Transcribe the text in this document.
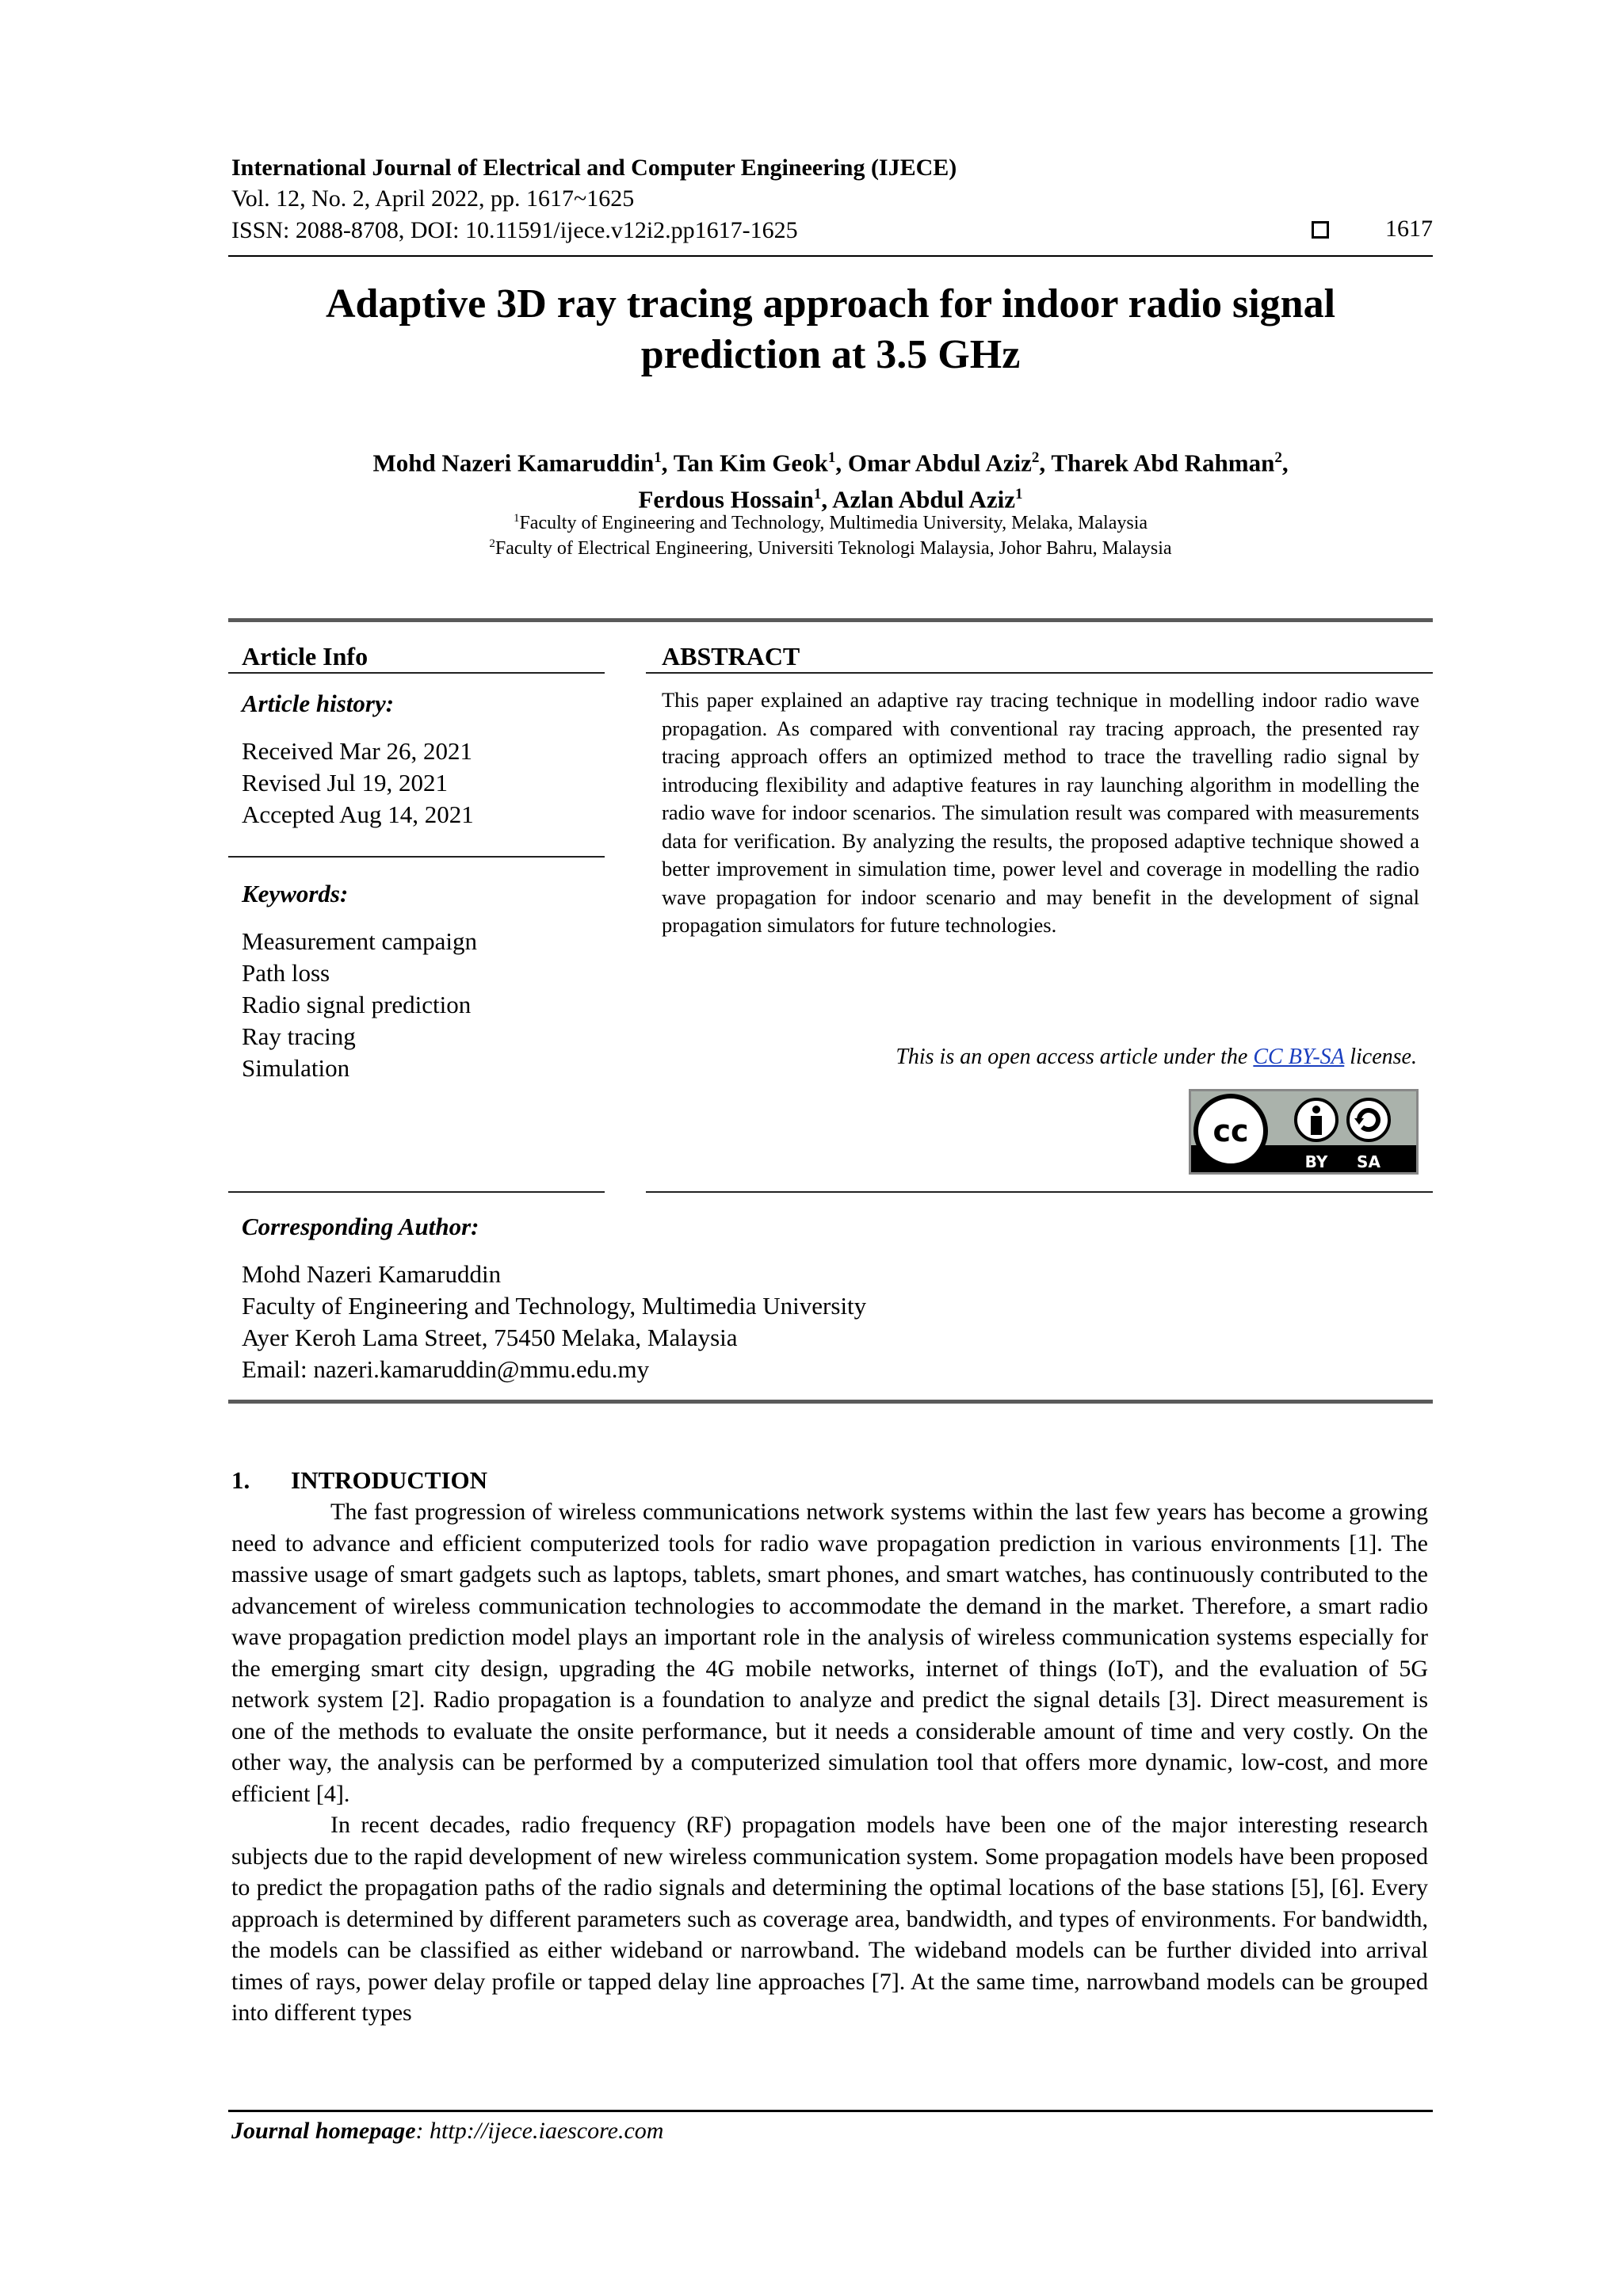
International Journal of Electrical and Computer Engineering (IJECE)
Vol. 12, No. 2, April 2022, pp. 1617~1625
ISSN: 2088-8708, DOI: 10.11591/ijece.v12i2.pp1617-1625	1617
Adaptive 3D ray tracing approach for indoor radio signal
prediction at 3.5 GHz
Mohd Nazeri Kamaruddin$^1$, Tan Kim Geok$^1$, Omar Abdul Aziz$^2$, Tharek Abd Rahman$^2$,
Ferdous Hossain$^1$, Azlan Abdul Aziz$^1$
$^1$Faculty of Engineering and Technology, Multimedia University, Melaka, Malaysia
$^2$Faculty of Electrical Engineering, Universiti Teknologi Malaysia, Johor Bahru, Malaysia
Article Info	ABSTRACT
Article history:
Received Mar 26, 2021
Revised Jul 19, 2021
Accepted Aug 14, 2021
Keywords:
Measurement campaign
Path loss
Radio signal prediction
Ray tracing
Simulation
This paper explained an adaptive ray tracing technique in modelling indoor radio wave propagation. As compared with conventional ray tracing approach, the presented ray tracing approach offers an optimized method to trace the travelling radio signal by introducing flexibility and adaptive features in ray launching algorithm in modelling the radio wave for indoor scenarios. The simulation result was compared with measurements data for verification. By analyzing the results, the proposed adaptive technique showed a better improvement in simulation time, power level and coverage in modelling the radio wave propagation for indoor scenario and may benefit in the development of signal propagation simulators for future technologies.
This is an open access article under the CC BY-SA license.
cc
BY SA
Corresponding Author:
Mohd Nazeri Kamaruddin
Faculty of Engineering and Technology, Multimedia University
Ayer Keroh Lama Street, 75450 Melaka, Malaysia
Email: nazeri.kamaruddin@mmu.edu.my
1. INTRODUCTION

The fast progression of wireless communications network systems within the last few years has become a growing need to advance and efficient computerized tools for radio wave propagation prediction in various environments [1]. The massive usage of smart gadgets such as laptops, tablets, smart phones, and smart watches, has continuously contributed to the advancement of wireless communication technologies to accommodate the demand in the market. Therefore, a smart radio wave propagation prediction model plays an important role in the analysis of wireless communication systems especially for the emerging smart city design, upgrading the 4G mobile networks, internet of things (IoT), and the evaluation of 5G network system [2]. Radio propagation is a foundation to analyze and predict the signal details [3]. Direct measurement is one of the methods to evaluate the onsite performance, but it needs a considerable amount of time and very costly. On the other way, the analysis can be performed by a computerized simulation tool that offers more dynamic, low-cost, and more efficient [4].

In recent decades, radio frequency (RF) propagation models have been one of the major interesting research subjects due to the rapid development of new wireless communication system. Some propagation models have been proposed to predict the propagation paths of the radio signals and determining the optimal locations of the base stations [5], [6]. Every approach is determined by different parameters such as coverage area, bandwidth, and types of environments. For bandwidth, the models can be classified as either wideband or narrowband. The wideband models can be further divided into arrival times of rays, power delay profile or tapped delay line approaches [7]. At the same time, narrowband models can be grouped into different types

Journal homepage: http://ijece.iaescore.com
